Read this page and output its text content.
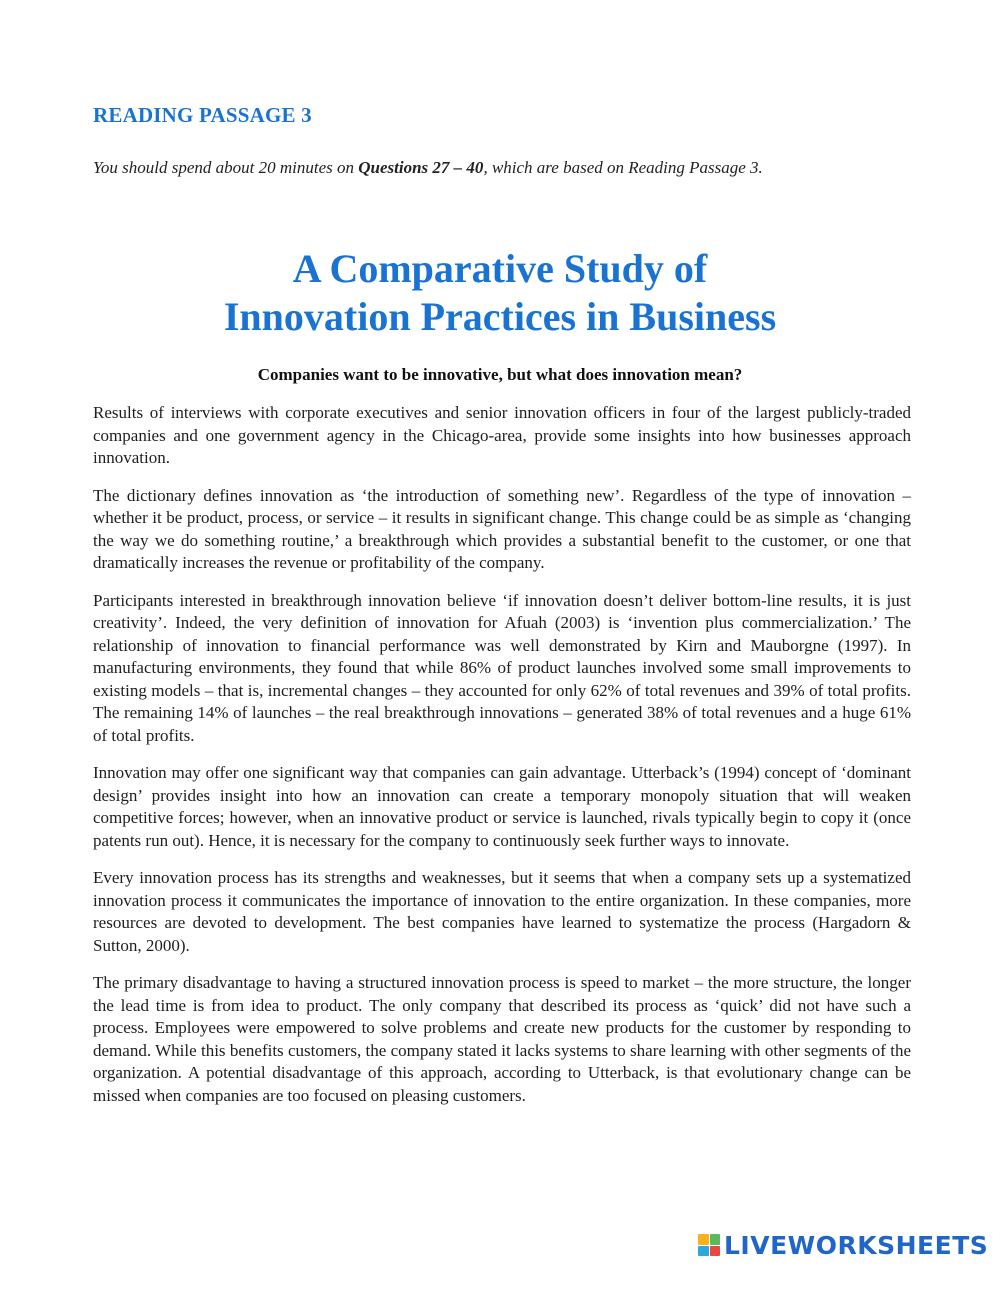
READING PASSAGE 3
You should spend about 20 minutes on Questions 27 – 40, which are based on Reading Passage 3.
A Comparative Study of
Innovation Practices in Business
Companies want to be innovative, but what does innovation mean?

Results of interviews with corporate executives and senior innovation officers in four of the largest publicly-traded companies and one government agency in the Chicago-area, provide some insights into how businesses approach innovation.

The dictionary defines innovation as ‘the introduction of something new’. Regardless of the type of innovation – whether it be product, process, or service – it results in significant change. This change could be as simple as ‘changing the way we do something routine,’ a breakthrough which provides a substantial benefit to the customer, or one that dramatically increases the revenue or profitability of the company.

Participants interested in breakthrough innovation believe ‘if innovation doesn’t deliver bottom-line results, it is just creativity’. Indeed, the very definition of innovation for Afuah (2003) is ‘invention plus commercialization.’ The relationship of innovation to financial performance was well demonstrated by Kirn and Mauborgne (1997). In manufacturing environments, they found that while 86% of product launches involved some small improvements to existing models – that is, incremental changes – they accounted for only 62% of total revenues and 39% of total profits. The remaining 14% of launches – the real breakthrough innovations – generated 38% of total revenues and a huge 61% of total profits.

Innovation may offer one significant way that companies can gain advantage. Utterback’s (1994) concept of ‘dominant design’ provides insight into how an innovation can create a temporary monopoly situation that will weaken competitive forces; however, when an innovative product or service is launched, rivals typically begin to copy it (once patents run out). Hence, it is necessary for the company to continuously seek further ways to innovate.

Every innovation process has its strengths and weaknesses, but it seems that when a company sets up a systematized innovation process it communicates the importance of innovation to the entire organization. In these companies, more resources are devoted to development. The best companies have learned to systematize the process (Hargadorn & Sutton, 2000).

The primary disadvantage to having a structured innovation process is speed to market – the more structure, the longer the lead time is from idea to product. The only company that described its process as ‘quick’ did not have such a process. Employees were empowered to solve problems and create new products for the customer by responding to demand. While this benefits customers, the company stated it lacks systems to share learning with other segments of the organization. A potential disadvantage of this approach, according to Utterback, is that evolutionary change can be missed when companies are too focused on pleasing customers.

LIVEWORKSHEETS
